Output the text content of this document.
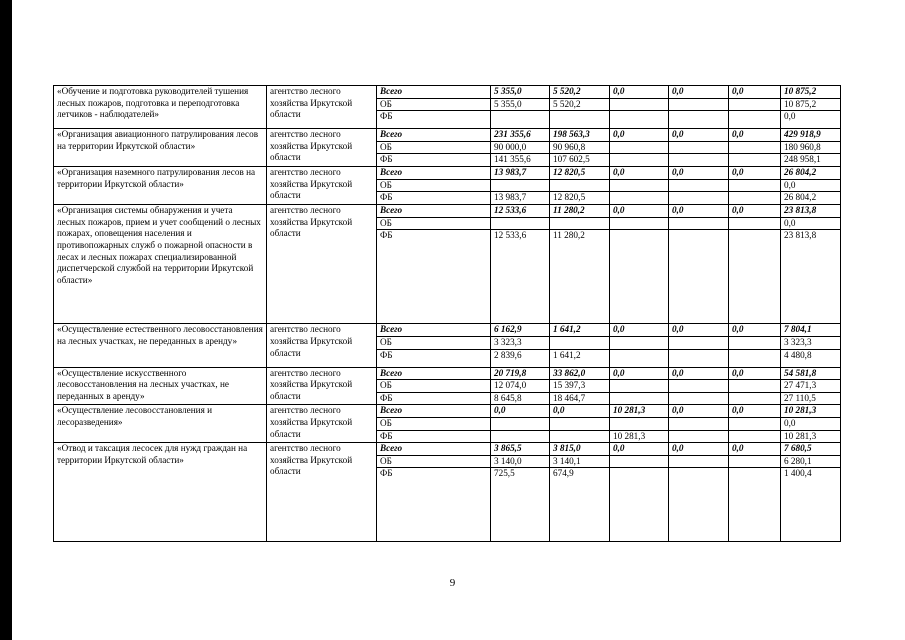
«Обучение и подготовка руководителей тушения лесных пожаров, подготовка и переподготовка летчиков - наблюдателей»	агентство лесного хозяйства Иркутской области	Всего	5 355,0	5 520,2	0,0	0,0	0,0	10 875,2
		ОБ	5 355,0	5 520,2				10 875,2
		ФБ						0,0
«Организация авиационного патрулирования лесов на территории Иркутской области»	агентство лесного хозяйства Иркутской области	Всего	231 355,6	198 563,3	0,0	0,0	0,0	429 918,9
		ОБ	90 000,0	90 960,8				180 960,8
		ФБ	141 355,6	107 602,5				248 958,1
«Организация наземного патрулирования лесов на территории Иркутской области»	агентство лесного хозяйства Иркутской области	Всего	13 983,7	12 820,5	0,0	0,0	0,0	26 804,2
		ОБ						0,0
		ФБ	13 983,7	12 820,5				26 804,2
«Организация системы обнаружения и учета лесных пожаров, прием и учет сообщений о лесных пожарах, оповещения населения и противопожарных служб о пожарной опасности в лесах и лесных пожарах специализированной диспетчерской службой на территории Иркутской области»	агентство лесного хозяйства Иркутской области	Всего	12 533,6	11 280,2	0,0	0,0	0,0	23 813,8
		ОБ						0,0
		ФБ	12 533,6	11 280,2				23 813,8
«Осуществление естественного лесовосстановления на лесных участках, не переданных в аренду»	агентство лесного хозяйства Иркутской области	Всего	6 162,9	1 641,2	0,0	0,0	0,0	7 804,1
		ОБ	3 323,3					3 323,3
		ФБ	2 839,6	1 641,2				4 480,8
«Осуществление искусственного лесовосстановления на лесных участках, не переданных в аренду»	агентство лесного хозяйства Иркутской области	Всего	20 719,8	33 862,0	0,0	0,0	0,0	54 581,8
		ОБ	12 074,0	15 397,3				27 471,3
		ФБ	8 645,8	18 464,7				27 110,5
«Осуществление лесовосстановления и лесоразведения»	агентство лесного хозяйства Иркутской области	Всего	0,0	0,0	10 281,3	0,0	0,0	10 281,3
		ОБ						0,0
		ФБ			10 281,3			10 281,3
«Отвод и таксация лесосек для нужд граждан на территории Иркутской области»	агентство лесного хозяйства Иркутской области	Всего	3 865,5	3 815,0	0,0	0,0	0,0	7 680,5
		ОБ	3 140,0	3 140,1				6 280,1
		ФБ	725,5	674,9				1 400,4
9
